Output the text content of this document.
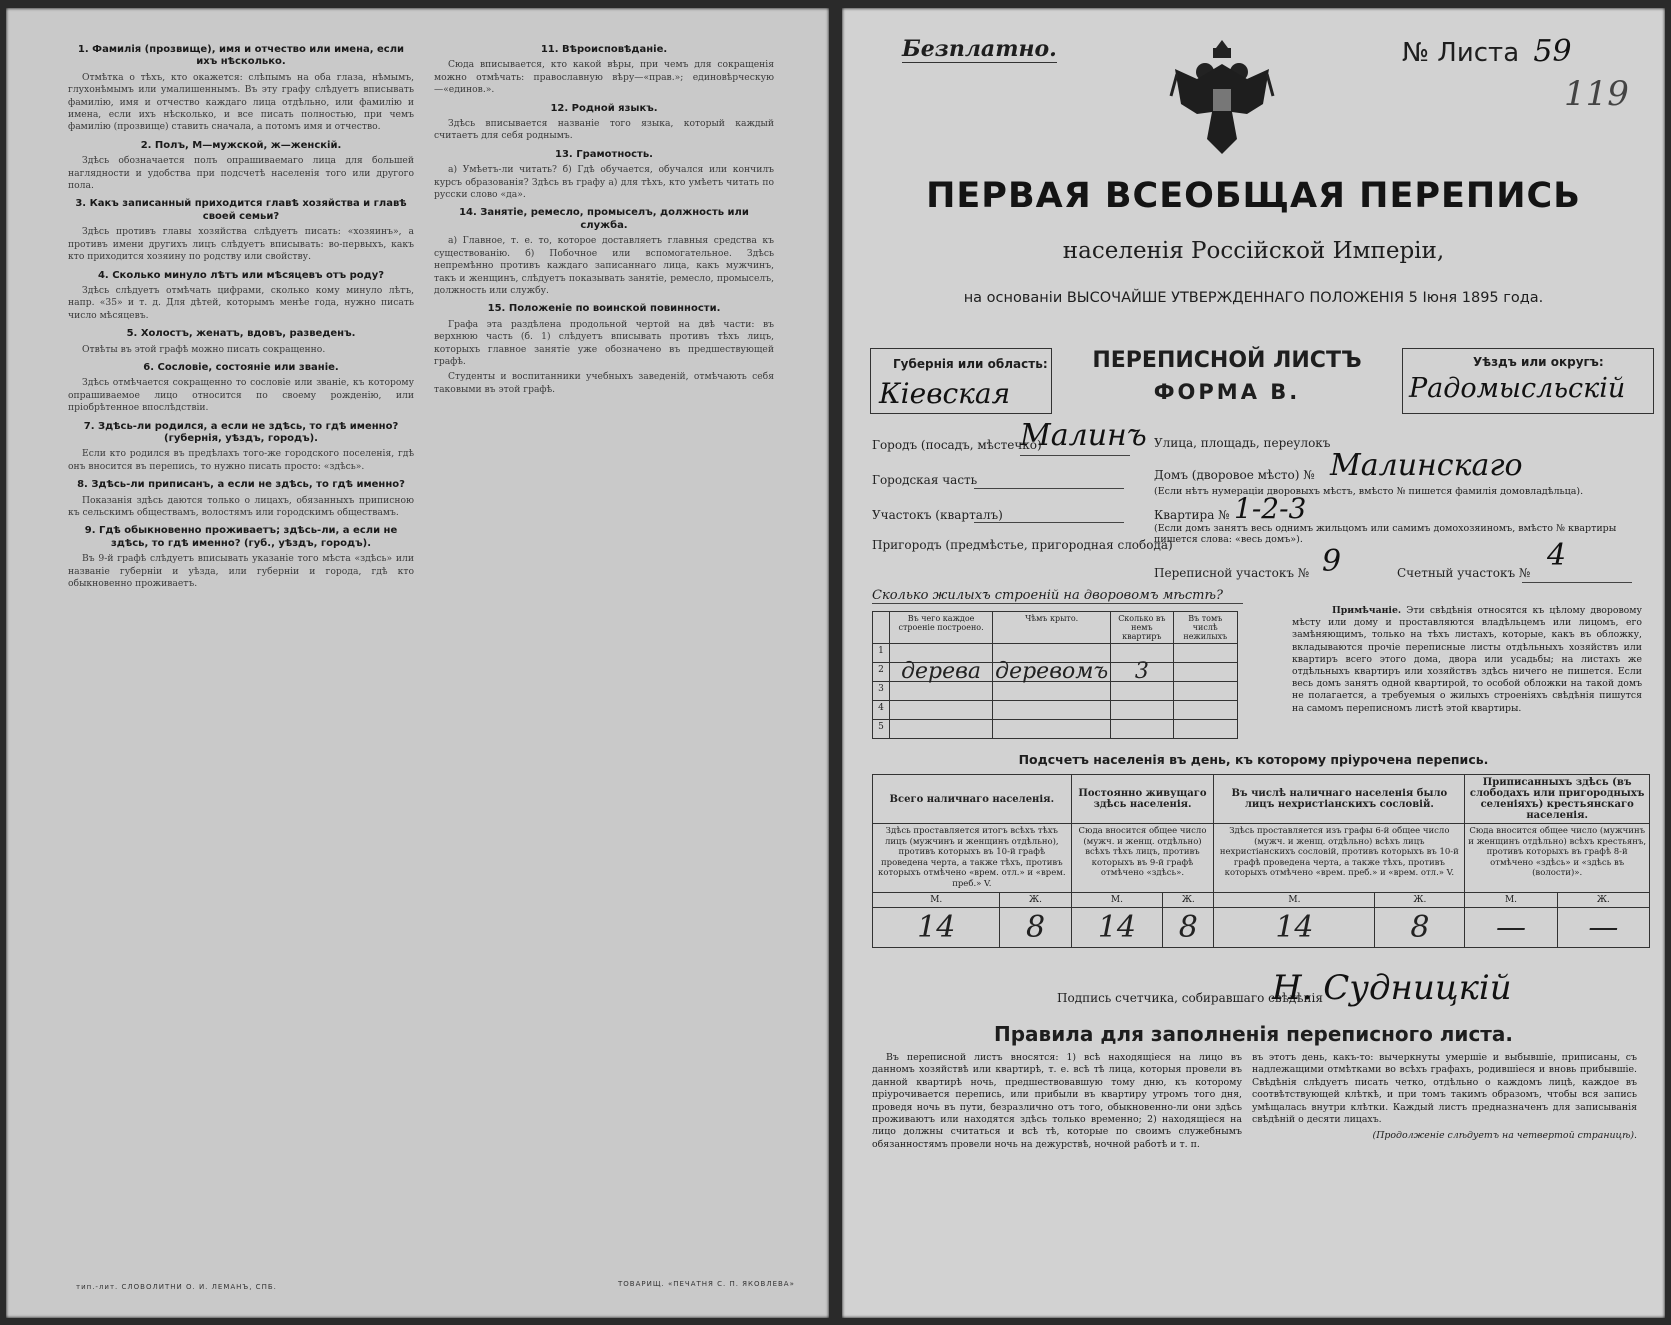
1. Фамилія (прозвище), имя и отчество или имена, если ихъ нѣсколько.

Отмѣтка о тѣхъ, кто окажется: слѣпымъ на оба глаза, нѣмымъ, глухонѣмымъ или умалишеннымъ. Въ эту графу слѣдуетъ вписывать фамилію, имя и отчество каждаго лица отдѣльно, или фамилію и имена, если ихъ нѣсколько, и все писать полностью, при чемъ фамилію (прозвище) ставить сначала, а потомъ имя и отчество.

2. Полъ, М—мужской, ж—женскій.

Здѣсь обозначается полъ опрашиваемаго лица для большей наглядности и удобства при подсчетѣ населенія того или другого пола.

3. Какъ записанный приходится главѣ хозяйства и главѣ своей семьи?

Здѣсь противъ главы хозяйства слѣдуетъ писать: «хозяинъ», а противъ имени другихъ лицъ слѣдуетъ вписывать: во-первыхъ, какъ кто приходится хозяину по родству или свойству.

4. Сколько минуло лѣтъ или мѣсяцевъ отъ роду?

Здѣсь слѣдуетъ отмѣчать цифрами, сколько кому минуло лѣтъ, напр. «35» и т. д. Для дѣтей, которымъ менѣе года, нужно писать число мѣсяцевъ.

5. Холостъ, женатъ, вдовъ, разведенъ.

Отвѣты въ этой графѣ можно писать сокращенно.

6. Сословіе, состояніе или званіе.

Здѣсь отмѣчается сокращенно то сословіе или званіе, къ которому опрашиваемое лицо относится по своему рожденію, или пріобрѣтенное впослѣдствіи.

7. Здѣсь-ли родился, а если не здѣсь, то гдѣ именно? (губернія, уѣздъ, городъ).

Если кто родился въ предѣлахъ того-же городского поселенія, гдѣ онъ вносится въ перепись, то нужно писать просто: «здѣсь».

8. Здѣсь-ли приписанъ, а если не здѣсь, то гдѣ именно?

Показанія здѣсь даются только о лицахъ, обязанныхъ приписною къ сельскимъ обществамъ, волостямъ или городскимъ обществамъ.

9. Гдѣ обыкновенно проживаетъ; здѣсь-ли, а если не здѣсь, то гдѣ именно? (губ., уѣздъ, городъ).

Въ 9-й графѣ слѣдуетъ вписывать указаніе того мѣста «здѣсь» или названіе губерніи и уѣзда, или губерніи и города, гдѣ кто обыкновенно проживаетъ.

11. Вѣроисповѣданіе.

Сюда вписывается, кто какой вѣры, при чемъ для сокращенія можно отмѣчать: православную вѣру—«прав.»; единовѣрческую—«единов.».

12. Родной языкъ.

Здѣсь вписывается названіе того языка, который каждый считаетъ для себя роднымъ.

13. Грамотность.

а) Умѣетъ-ли читать? б) Гдѣ обучается, обучался или кончилъ курсъ образованія? Здѣсь въ графу а) для тѣхъ, кто умѣетъ читать по русски слово «да».

14. Занятіе, ремесло, промыселъ, должность или служба.

а) Главное, т. е. то, которое доставляетъ главныя средства къ существованію. б) Побочное или вспомогательное. Здѣсь непремѣнно противъ каждаго записаннаго лица, какъ мужчинъ, такъ и женщинъ, слѣдуетъ показывать занятіе, ремесло, промыселъ, должность или службу.

15. Положеніе по воинской повинности.

Графа эта раздѣлена продольной чертой на двѣ части: въ верхнюю часть (б. 1) слѣдуетъ вписывать противъ тѣхъ лицъ, которыхъ главное занятіе уже обозначено въ предшествующей графѣ.

Студенты и воспитанники учебныхъ заведеній, отмѣчають себя таковыми въ этой графѣ.

тип.-лит. СЛОВОЛИТНИ О. И. ЛЕМАНЪ, СПБ.	ТОВАРИЩ. «ПЕЧАТНЯ С. П. ЯКОВЛЕВА»
Безплатно.	№ Листа 59
119
ПЕРВАЯ ВСЕОБЩАЯ ПЕРЕПИСЬ
населенія Россійской Имперіи,
на основаніи ВЫСОЧАЙШЕ УТВЕРЖДЕННАГО ПОЛОЖЕНІЯ 5 Іюня 1895 года.
Губернія или область:
Кіевская
ПЕРЕПИСНОЙ ЛИСТЪ
ФОРМА В.
Уѣздъ или округъ:
Радомысльскій
Городъ (посадъ, мѣстечко)
Малинъ Улица, площадь, переулокъ
Городская часть	Домъ (дворовое мѣсто) № Малинскаго
(Если нѣтъ нумераціи дворовыхъ мѣстъ, вмѣсто № пишется фамилія домовладѣльца).
Участокъ (кварталъ)	Квартира № 1-2-3
Пригородъ (предмѣстье, пригородная слобода)
(Если домъ занятъ весь однимъ жильцомъ или самимъ домохозяиномъ, вмѣсто № квартиры пишется слова: «весь домъ»).
Переписной участокъ № 9	Счетный участокъ № 4
Сколько жилыхъ строеній на дворовомъ мѣстѣ?
	Въ чего каждое строеніе построено.	Чѣмъ крыто.	Сколько въ немъ квартиръ	Въ томъ числѣ нежилыхъ
1				
2	дерева	деревомъ	3	
3				
4				
5				
Примѣчаніе. Эти свѣдѣнія относятся къ цѣлому дворовому мѣсту или дому и проставляются владѣльцемъ или лицомъ, его замѣняющимъ, только на тѣхъ листахъ, которые, какъ въ обложку, вкладываются прочіе переписные листы отдѣльныхъ хозяйствъ или квартиръ всего этого дома, двора или усадьбы; на листахъ же отдѣльныхъ квартиръ или хозяйствъ здѣсь ничего не пишется. Если весь домъ занятъ одной квартирой, то особой обложки на такой домъ не полагается, а требуемыя о жилыхъ строеніяхъ свѣдѣнія пишутся на самомъ переписномъ листѣ этой квартиры.
Подсчетъ населенія въ день, къ которому пріурочена перепись.
Всего наличнаго населенія.		Постоянно живущаго здѣсь населенія.		Въ числѣ наличнаго населенія было лицъ нехристіанскихъ сословій.		Приписанныхъ здѣсь (въ слободахъ или пригородныхъ селеніяхъ) крестьянскаго населенія.	
Здѣсь проставляется итогъ всѣхъ тѣхъ лицъ (мужчинъ и женщинъ отдѣльно), противъ которыхъ въ 10-й графѣ проведена черта, а также тѣхъ, противъ которыхъ отмѣчено «врем. отл.» и «врем. преб.» V.		Сюда вносится общее число (мужч. и женщ. отдѣльно) всѣхъ тѣхъ лицъ, противъ которыхъ въ 9-й графѣ отмѣчено «здѣсь».		Здѣсь проставляется изъ графы 6-й общее число (мужч. и женщ. отдѣльно) всѣхъ лицъ нехристіанскихъ сословій, противъ которыхъ въ 10-й графѣ проведена черта, а также тѣхъ, противъ которыхъ отмѣчено «врем. преб.» и «врем. отл.» V.		Сюда вносится общее число (мужчинъ и женщинъ отдѣльно) всѣхъ крестьянъ, противъ которыхъ въ графѣ 8-й отмѣчено «здѣсь» и «здѣсь въ (волости)».	
М.	Ж.	М.	Ж.	М.	Ж.	М.	Ж.
14	8	14	8	14	8	—	—
Подпись счетчика, собиравшаго свѣдѣнія
Н. Судницкій
Правила для заполненія переписного листа.
Въ переписной листъ вносятся: 1) всѣ находящіеся на лицо въ данномъ хозяйствѣ или квартирѣ, т. е. всѣ тѣ лица, которыя провели въ данной квартирѣ ночь, предшествовавшую тому дню, къ которому пріурочивается перепись, или прибыли въ квартиру утромъ того дня, проведя ночь въ пути, безразлично отъ того, обыкновенно-ли они здѣсь проживаютъ или находятся здѣсь только временно; 2) находящіеся на лицо должны считаться и всѣ тѣ, которые по своимъ служебнымъ обязанностямъ провели ночь на дежурствѣ, ночной работѣ и т. п.
въ этотъ день, какъ-то: вычеркнуты умершіе и выбывшіе, приписаны, съ надлежащими отмѣтками во всѣхъ графахъ, родившіеся и вновь прибывшіе. Свѣдѣнія слѣдуетъ писать четко, отдѣльно о каждомъ лицѣ, каждое въ соотвѣтствующей клѣткѣ, и при томъ такимъ образомъ, чтобы вся запись умѣщалась внутри клѣтки. Каждый листъ предназначенъ для записыванія свѣдѣній о десяти лицахъ.
(Продолженіе слѣдуетъ на четвертой страницѣ).
